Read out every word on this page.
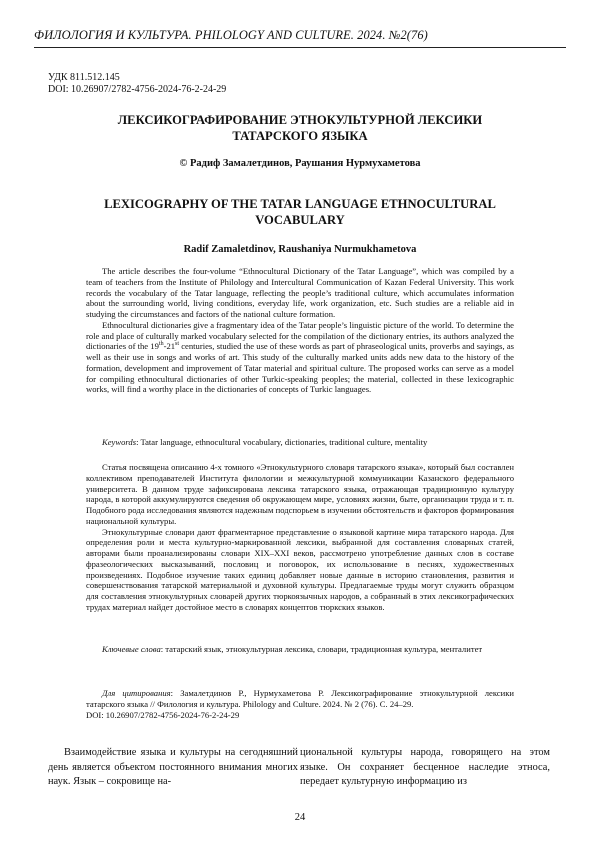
ФИЛОЛОГИЯ И КУЛЬТУРА. PHILOLOGY AND CULTURE. 2024. №2(76)
УДК 811.512.145
DOI: 10.26907/2782-4756-2024-76-2-24-29
ЛЕКСИКОГРАФИРОВАНИЕ ЭТНОКУЛЬТУРНОЙ ЛЕКСИКИ
ТАТАРСКОГО ЯЗЫКА
© Радиф Замалетдинов, Раушания Нурмухаметова
LEXICOGRAPHY OF THE TATAR LANGUAGE ETHNOCULTURAL
VOCABULARY
Radif Zamaletdinov, Raushaniya Nurmukhametova

The article describes the four-volume “Ethnocultural Dictionary of the Tatar Language”, which was compiled by a team of teachers from the Institute of Philology and Intercultural Communication of Kazan Federal University. This work records the vocabulary of the Tatar language, reflecting the people’s traditional culture, which accumulates information about the surrounding world, living conditions, everyday life, work organization, etc. Such studies are a reliable aid in studying the circumstances and factors of the national culture formation.

Ethnocultural dictionaries give a fragmentary idea of the Tatar people’s linguistic picture of the world. To determine the role and place of culturally marked vocabulary selected for the compilation of the dictionary entries, its authors analyzed the dictionaries of the 19th-21st centuries, studied the use of these words as part of phraseological units, proverbs and sayings, as well as their use in songs and works of art. This study of the culturally marked units adds new data to the history of the formation, development and improvement of Tatar material and spiritual culture. The proposed works can serve as a model for compiling ethnocultural dictionaries of other Turkic-speaking peoples; the material, collected in these lexicographic works, will find a worthy place in the dictionaries of concepts of Turkic languages.

Keywords: Tatar language, ethnocultural vocabulary, dictionaries, traditional culture, mentality

Статья посвящена описанию 4-х томного «Этнокультурного словаря татарского языка», который был составлен коллективом преподавателей Института филологии и межкультурной коммуникации Казанского федерального университета. В данном труде зафиксирована лексика татарского языка, отражающая традиционную культуру народа, в которой аккумулируются сведения об окружающем мире, условиях жизни, быте, организации труда и т. п. Подобного рода исследования являются надежным подспорьем в изучении обстоятельств и факторов формирования национальной культуры.

Этнокультурные словари дают фрагментарное представление о языковой картине мира татарского народа. Для определения роли и места культурно-маркированной лексики, выбранной для составления словарных статей, авторами были проанализированы словари XIX–XXI веков, рассмотрено употребление данных слов в составе фразеологических высказываний, пословиц и поговорок, их использование в песнях, художественных произведениях. Подобное изучение таких единиц добавляет новые данные в историю становления, развития и совершенствования татарской материальной и духовной культуры. Предлагаемые труды могут служить образцом для составления этнокультурных словарей других тюркоязычных народов, а собранный в этих лексикографических трудах материал найдет достойное место в словарях концептов тюркских языков.

Ключевые слова: татарский язык, этнокультурная лексика, словари, традиционная культура, менталитет

Для цитирования: Замалетдинов Р., Нурмухаметова Р. Лексикографирование этнокультурной лексики татарского языка // Филология и культура. Philology and Culture. 2024. № 2 (76). С. 24–29.

DOI: 10.26907/2782-4756-2024-76-2-24-29
Взаимодействие языка и культуры на сегодняшний день является объектом постоянного внимания многих наук. Язык – сокровище на-
циональной культуры народа, говорящего на этом языке. Он сохраняет бесценное наследие этноса, передает культурную информацию из
24
